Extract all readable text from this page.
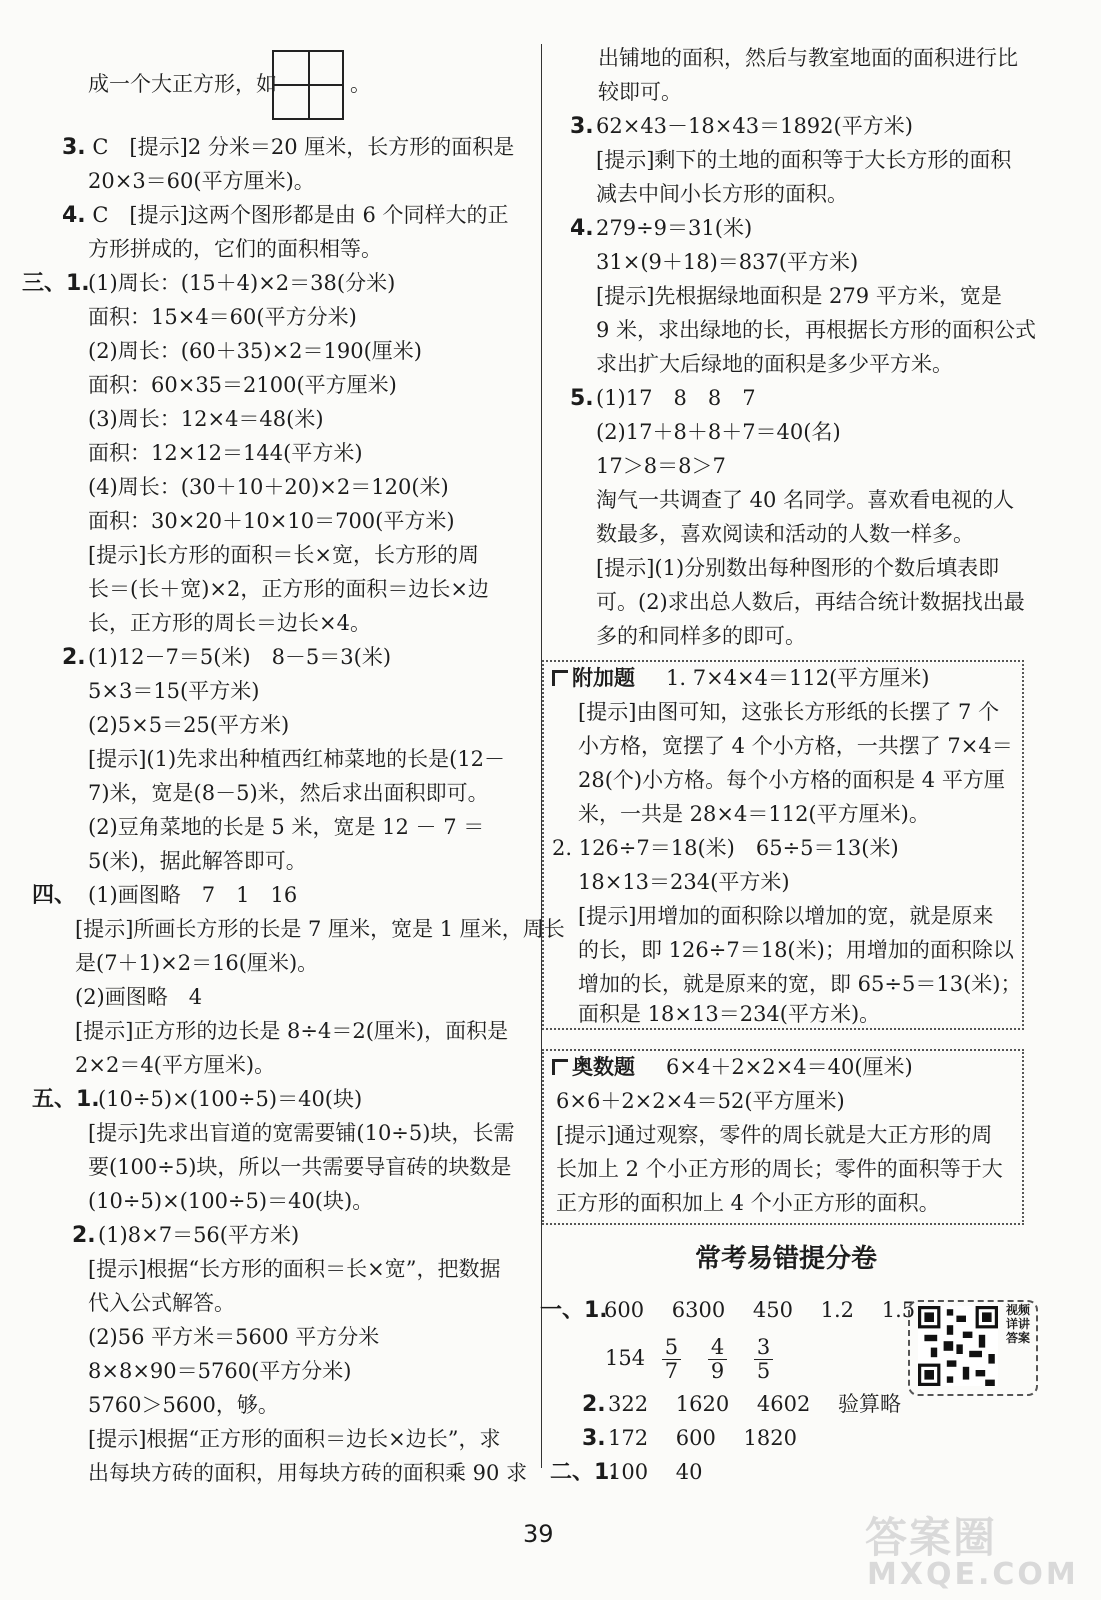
成一个大正方形，如	。
3. C　[提示]2 分米＝20 厘米，长方形的面积是
20×3＝60(平方厘米)。
4. C　[提示]这两个图形都是由 6 个同样大的正
方形拼成的，它们的面积相等。
三、1.
(1)周长：(15＋4)×2＝38(分米)
面积：15×4＝60(平方分米)
(2)周长：(60＋35)×2＝190(厘米)
面积：60×35＝2100(平方厘米)
(3)周长：12×4＝48(米)
面积：12×12＝144(平方米)
(4)周长：(30＋10＋20)×2＝120(米)
面积：30×20＋10×10＝700(平方米)
[提示]长方形的面积＝长×宽，长方形的周
长＝(长＋宽)×2，正方形的面积＝边长×边
长，正方形的周长＝边长×4。
2. (1)12－7＝5(米)　8－5＝3(米)
5×3＝15(平方米)
(2)5×5＝25(平方米)
[提示](1)先求出种植西红柿菜地的长是(12－
7)米，宽是(8－5)米，然后求出面积即可。
(2)豆角菜地的长是 5 米，宽是 12 － 7 ＝
5(米)，据此解答即可。
四、 (1)画图略　7　1　16
[提示]所画长方形的长是 7 厘米，宽是 1 厘米，周长
是(7＋1)×2＝16(厘米)。
(2)画图略　4
[提示]正方形的边长是 8÷4＝2(厘米)，面积是
2×2＝4(平方厘米)。
五、1.
(10÷5)×(100÷5)＝40(块)
[提示]先求出盲道的宽需要铺(10÷5)块，长需
要(100÷5)块，所以一共需要导盲砖的块数是
(10÷5)×(100÷5)＝40(块)。
2. (1)8×7＝56(平方米)
[提示]根据“长方形的面积＝长×宽”，把数据
代入公式解答。
(2)56 平方米＝5600 平方分米
8×8×90＝5760(平方分米)
5760＞5600，够。
[提示]根据“正方形的面积＝边长×边长”，求
出每块方砖的面积，用每块方砖的面积乘 90 求
出铺地的面积，然后与教室地面的面积进行比
较即可。
3. 62×43－18×43＝1892(平方米)
[提示]剩下的土地的面积等于大长方形的面积
减去中间小长方形的面积。
4. 279÷9＝31(米)
31×(9＋18)＝837(平方米)
[提示]先根据绿地面积是 279 平方米，宽是
9 米，求出绿地的长，再根据长方形的面积公式
求出扩大后绿地的面积是多少平方米。
5. (1)17　8　8　7
(2)17＋8＋8＋7＝40(名)
17＞8＝8＞7
淘气一共调查了 40 名同学。喜欢看电视的人
数最多，喜欢阅读和活动的人数一样多。
[提示](1)分别数出每种图形的个数后填表即
可。(2)求出总人数后，再结合统计数据找出最
多的和同样多的即可。
附加题 1. 7×4×4＝112(平方厘米)
[提示]由图可知，这张长方形纸的长摆了 7 个
小方格，宽摆了 4 个小方格，一共摆了 7×4＝
28(个)小方格。每个小方格的面积是 4 平方厘
米，一共是 28×4＝112(平方厘米)。
2. 126÷7＝18(米)　65÷5＝13(米)
18×13＝234(平方米)
[提示]用增加的面积除以增加的宽，就是原来
的长，即 126÷7＝18(米)；用增加的面积除以
增加的长，就是原来的宽，即 65÷5＝13(米)；
面积是 18×13＝234(平方米)。
奥数题 6×4＋2×2×4＝40(厘米)
6×6＋2×2×4＝52(平方厘米)
[提示]通过观察，零件的周长就是大正方形的周
长加上 2 个小正方形的周长；零件的面积等于大
正方形的面积加上 4 个小正方形的面积。
常考易错提分卷
一、1.
600　 6300　 450　 1.2　 1.5
$154 \frac{5}{7}$
$\frac{4}{9}$
$\frac{3}{5}$
2. 322　 1620　 4602　 验算略
3. 172　 600　 1820
二、1.
100　 40
视频详讲答案
39	答案圈
MXQE.COM
